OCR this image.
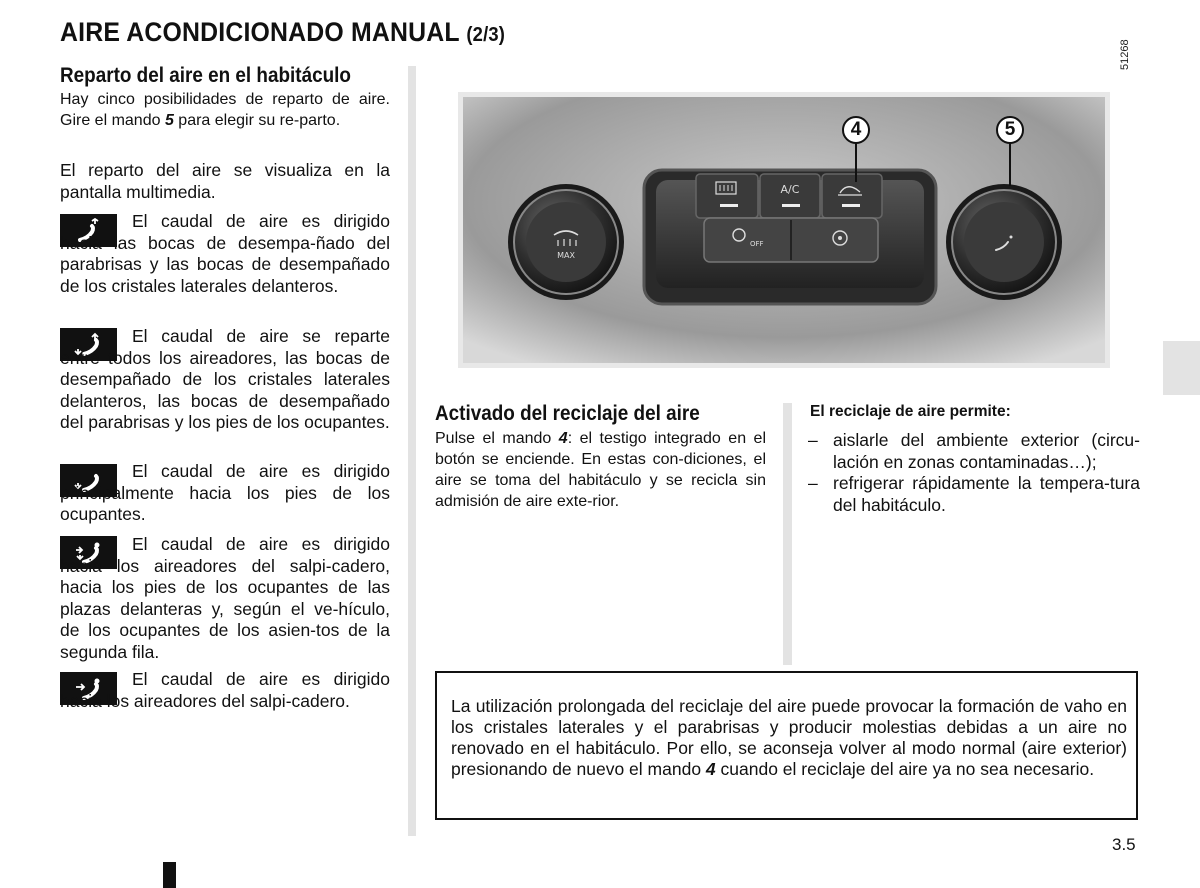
AIRE ACONDICIONADO MANUAL (2/3)
Reparto del aire en el habitáculo

Hay cinco posibilidades de reparto de aire. Gire el mando 5 para elegir su re-parto.

El reparto del aire se visualiza en la pantalla multimedia.

El caudal de aire es dirigido hacia las bocas de desempa-ñado del parabrisas y las bocas de desempañado de los cristales laterales delanteros.

El caudal de aire se reparte entre todos los aireadores, las bocas de desempañado de los cristales laterales delanteros, las bocas de desempañado del parabrisas y los pies de los ocupantes.

El caudal de aire es dirigido principalmente hacia los pies de los ocupantes.

El caudal de aire es dirigido hacia los aireadores del salpi-cadero, hacia los pies de los ocupantes de las plazas delanteras y, según el ve-hículo, de los ocupantes de los asien-tos de la segunda fila.

El caudal de aire es dirigido hacia los aireadores del salpi-cadero.

51268
A/C
OFF
MAX
4	5
Activado del reciclaje del aire

Pulse el mando 4: el testigo integrado en el botón se enciende. En estas con-diciones, el aire se toma del habitáculo y se recicla sin admisión de aire exte-rior.

El reciclaje de aire permite:
– aislarle del ambiente exterior (circu-lación en zonas contaminadas…);
– refrigerar rápidamente la tempera-tura del habitáculo.

La utilización prolongada del reciclaje del aire puede provocar la formación de vaho en los cristales laterales y el parabrisas y producir molestias debidas a un aire no renovado en el habitáculo. Por ello, se aconseja volver al modo normal (aire exterior) presionando de nuevo el mando 4 cuando el reciclaje del aire ya no sea necesario.

3.5
